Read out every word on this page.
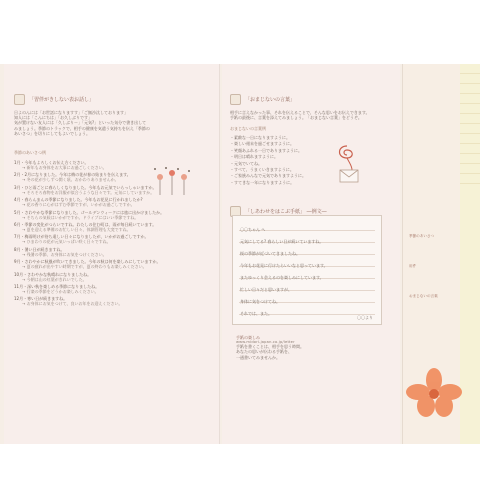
「習伴がきしない表お話し」
日よのんには「お世話になりますす」「ご無沙汰しております」
知人には「こんにちは」「お久しぶりです」
気が置けない友人には「久しぶりー」「元気?」といった気分で書き出して
みましょう。季節のトラックで、相手の健康を気遣う気持ちを伝え「季節の
あいさつ」を切りにしてもよいでしょう。
季節のあいさつ例
1月・今年もよろしくお伝え方ください。
→ 新年もお身体をお大事にお過ごしください。
2月・2月になりました。今年は梅の花が春の始まりを伝えます。
→ 冬の花が少しずつ開く頃。おかわりありませんか。
3月・ひと雨ごとに春らしくなりました。今年もお元気でいらっしゃいますか。
→ そろそろ春物をお洋服が似合うような日々です。元気にしていますか。
4月・春らんまんの季節になりました。今年もお花見に行かれましたか?
→ 花の香りに心がはずむ季節ですが、いかがお過ごしですか。
5月・さわやかな季節になりました。ゴールデンウィークには旅に出かけましたか。
→ そちらの気候はいかがですか。ドライブにはいい季節ですね。
6月・季節の変化がつらいですね。わたしの住む町は、雨が毎日続いています。
→ 夏を迎える準備のお忙しい日々、体調管理も大変ですね。
7月・梅雨明けが待ち遠しい日々になりましたが、いかがお過ごしですか。
→ ひまわりの花が元気いっぱい咲く日々ですね。
8月・暑い日が続きますね。
→ 残暑の季節、お身体にお気をつけください。
9月・さわやかに秋風が吹いてきました。今年の秋は何を楽しみにしていますか。
→ 夏の疲れが出やすい時期ですが、夏の終わりもお楽しみください。
10月・さわやかな秋晴れになりましたね。
→ 今朝は山の紅葉がきれいでした。
11月・深い秋を楽しめる季節になりましたね。
→ 行楽の季節をどうかお楽しみください。
12月・寒い日が続きますね。
→ お身体にお気をつけて、良いお年をお迎えください。
「おまじないの言葉」
相手に言えなかった事、それを伝えることで、そんな思いをお伝えできます。
手紙の最後に、言葉を添えてみましょう。「おまじない言葉」をどうぞ。
おまじないの言葉例
・素敵な一日になりますように。
・楽しい週末を過ごせますように。
・笑顔あふれる一日でありますように。
・明日は晴れますように。
・元気でいてね。
・すべて、うまくいきますように。
・ご家族みんなで元気でありますように。
・すてきな一年になりますように。
「しあわせをはこぶ手紙」 ―例文―
季節のあいさつ
用件
おまじないの言葉
〇〇ちゃん へ
元気にしてる? 春らしい日が続いていますね。
桜の季節が近づいてきましたね。
今年もお花見に行けたらいいなと思っています。
またゆっくり会えるのを楽しみにしています。
忙しい日々だと思いますが、
身体に気をつけてね。
それでは、また。
〇〇より
手紙の楽しみ
www.midori-japan.co.jp/letter
手紙を書くことは、相手を思う時間。
あなたの思いが伝わる手紙を、
一通書いてみませんか。
